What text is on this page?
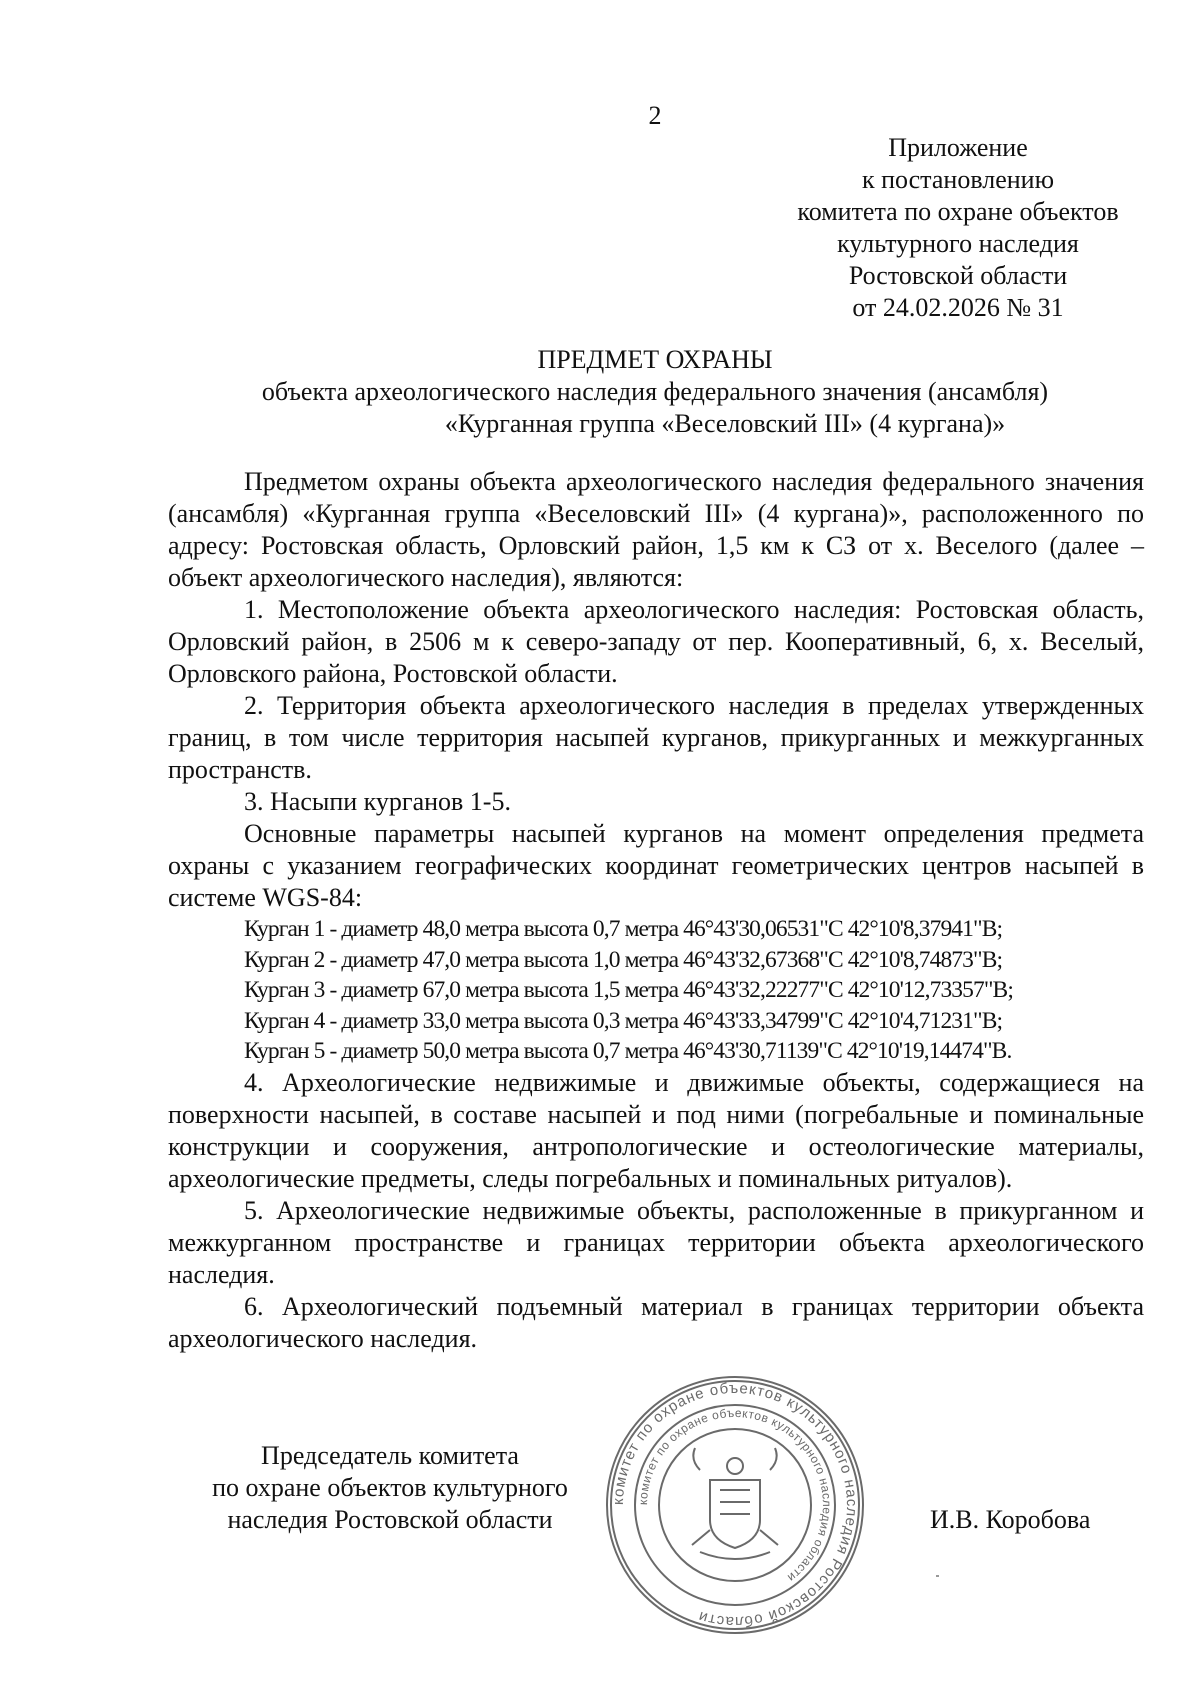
2
Приложение
к постановлению
комитета по охране объектов
культурного наследия
Ростовской области
от 24.02.2026 № 31
ПРЕДМЕТ ОХРАНЫ
объекта археологического наследия федерального значения (ансамбля)
«Курганная группа «Веселовский III» (4 кургана)»

Предметом охраны объекта археологического наследия федерального значения (ансамбля) «Курганная группа «Веселовский III» (4 кургана)», расположенного по адресу: Ростовская область, Орловский район, 1,5 км к СЗ от х. Веселого (далее – объект археологического наследия), являются:

1. Местоположение объекта археологического наследия: Ростовская область, Орловский район, в 2506 м к северо-западу от пер. Кооперативный, 6, х. Веселый, Орловского района, Ростовской области.

2. Территория объекта археологического наследия в пределах утвержденных границ, в том числе территория насыпей курганов, прикурганных и межкурганных пространств.

3. Насыпи курганов 1-5.

Основные параметры насыпей курганов на момент определения предмета охраны с указанием географических координат геометрических центров насыпей в системе WGS-84:

Курган 1 - диаметр 48,0 метра высота 0,7 метра 46°43'30,06531"С 42°10'8,37941"В;
Курган 2 - диаметр 47,0 метра высота 1,0 метра 46°43'32,67368"С 42°10'8,74873"В;
Курган 3 - диаметр 67,0 метра высота 1,5 метра 46°43'32,22277"С 42°10'12,73357"В;
Курган 4 - диаметр 33,0 метра высота 0,3 метра 46°43'33,34799"С 42°10'4,71231"В;
Курган 5 - диаметр 50,0 метра высота 0,7 метра 46°43'30,71139"С 42°10'19,14474"В.

4. Археологические недвижимые и движимые объекты, содержащиеся на поверхности насыпей, в составе насыпей и под ними (погребальные и поминальные конструкции и сооружения, антропологические и остеологические материалы, археологические предметы, следы погребальных и поминальных ритуалов).

5. Археологические недвижимые объекты, расположенные в прикурганном и межкурганном пространстве и границах территории объекта археологического наследия.

6. Археологический подъемный материал в границах территории объекта археологического наследия.

Председатель комитета
по охране объектов культурного
наследия Ростовской области	И.В. Коробова
комитет по охране объектов культурного наследия Ростовской области
комитет по охране объектов культурного наследия области
